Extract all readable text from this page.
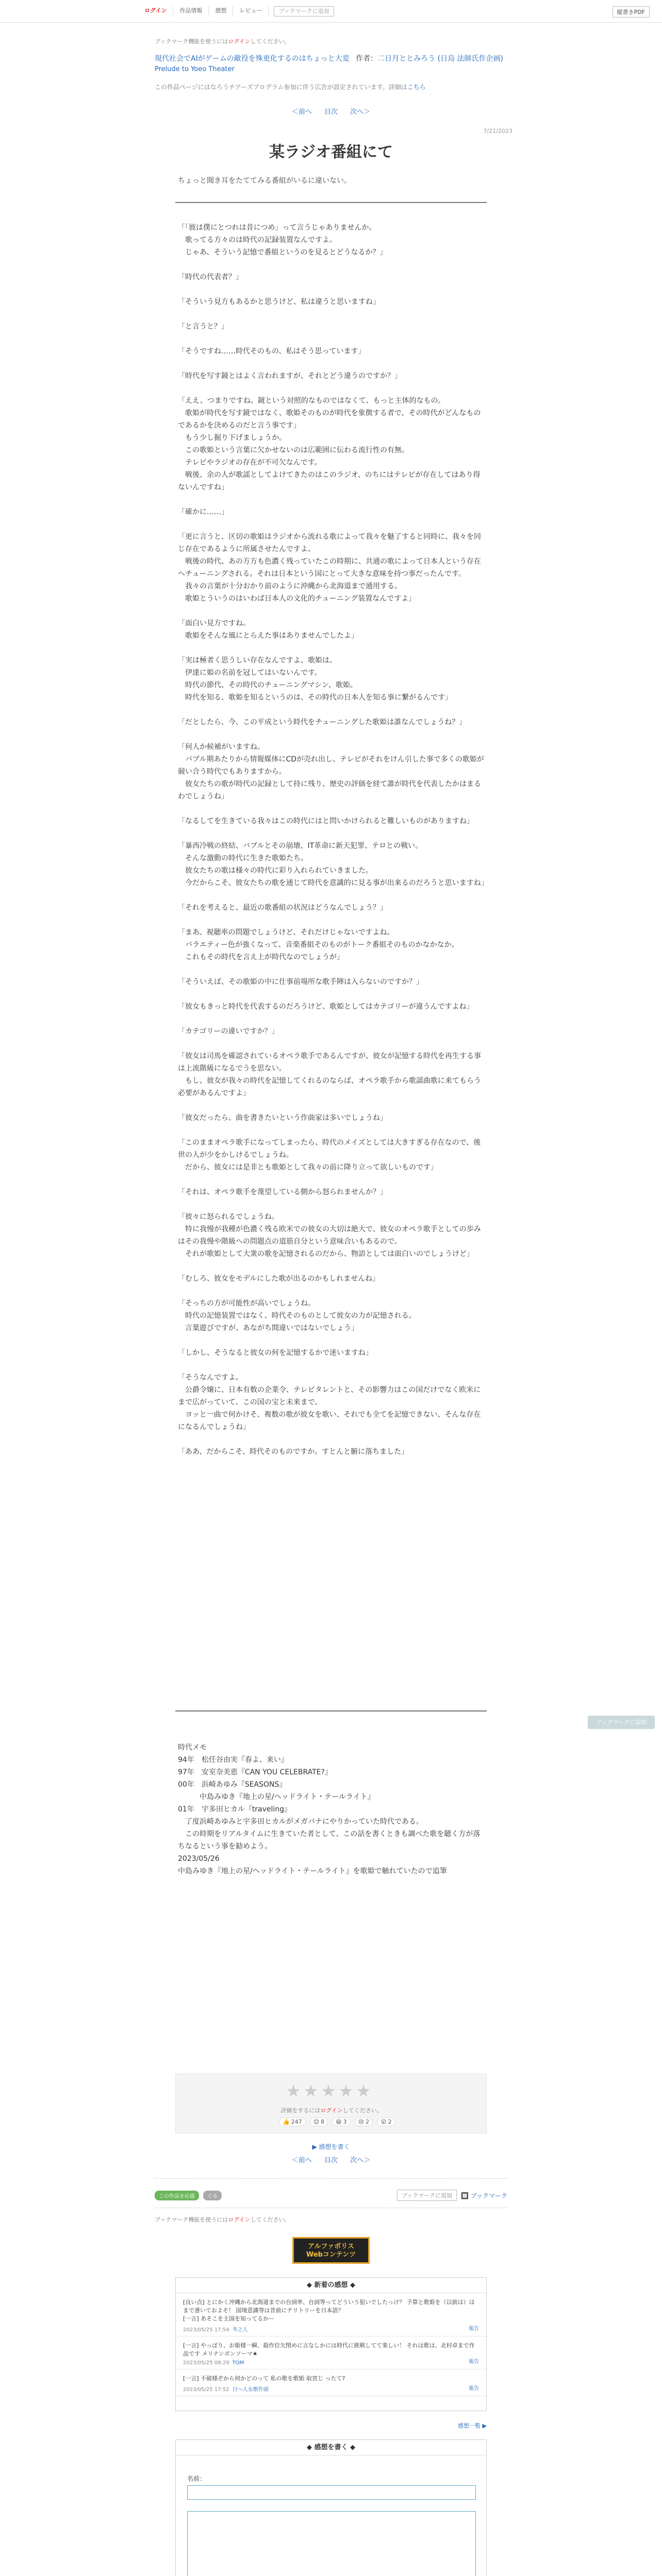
ログイン	作品情報	感想	レビュー	ブックマークに追加	縦書きPDF
ブックマーク機能を使うにはログインしてください。
現代社会でAIがゲームの敵役を殊更化するのはちょっと大変 作者：二日月ととみろう (日烏 法師氏作企画)
Prelude to Yoeo Theater
この作品ページにはなろうチアーズプログラム参加に伴う広告が設定されています。詳細はこちら
＜前へ 目次 次へ＞
7/21/2023
某ラジオ番組にて
ちょっと聞き耳をたててみる番組がいるに違いない。

「「彼は僕にとつれは昔につめ」って言うじゃありませんか。

　歌ってる方々のは時代の記録装置なんですよ。

　じゃあ、そういう記憶で番組というのを見るとどうなるか？」

「時代の代表者？」

「そういう見方もあるかと思うけど、私は違うと思いますね」

「と言うと？」

「そうですね……時代そのもの、私はそう思っています」

「時代を写す鏡とはよく言われますが、それとどう違うのですか？」

「ええ、つまりですね。鏡という対照的なものではなくて、もっと主体的なもの。

　歌姫が時代を写す鏡ではなく、歌姫そのものが時代を象徴する者で、その時代がどんなものであるかを決めるのだと言う事です」

　もう少し掘り下げましょうか。

　この歌姫という言葉に欠かせないのは広範囲に伝わる流行性の有無。

　テレビやラジオの存在が不可欠なんです。

　戦後、余の人が歌謡としてよけてきたのはこのラジオ、のちにはテレビが存在してはあり得ないんですね」

「確かに……」

「更に言うと、区切の歌姫はラジオから流れる歌によって我々を魅了すると同時に、我々を同じ存在であるように所属させたんですよ。

　戦後の時代、あの方方も色濃く残っていたこの時期に、共通の歌によって日本人という存在へチューニングされる。それは日本という国にとって大きな意味を持つ事だったんです。

　我々の言葉が十分おかり前のように沖縄から北海道まで通用する。

　歌姫とういうのはいわば日本人の文化的チューニング装置なんですよ」

「面白い見方ですね。

　歌姫をそんな風にとらえた事はありませんでしたよ」

「実は極者く思うしい存在なんですよ、歌姫は。

　伊達に姫の名前を冠してはいないんです。

　時代の節代、その時代のチューニングマシン、歌姫。

　時代を知る、歌姫を知るというのは、その時代の日本人を知る事に繋がるんです」

「だとしたら、今、この平成という時代をチューニングした歌姫は誰なんでしょうね？」

「何人か候補がいますね。

　バブル期あたりから情報媒体にCDが売れ出し、テレビがそれをけん引した事で多くの歌姫が競い合う時代でもありますから。

　彼女たちの歌が時代の記録として持に残り、歴史の評価を経て誰が時代を代表したかはまるわでしょうね」

「なるしてを生きている我々はこの時代にはと問いかけられると難しいものがありますね」

「暴西冷戦の終結、バブルとその崩壊、IT革命に新天犯罪、テロとの戦い。

　そんな激動の時代に生きた歌姫たち。

　彼女たちの歌は様々の時代に彩り入れられていきました。

　今だからこそ、彼女たちの歌を通じて時代を意識的に見る事が出来るのだろうと思いますね」

「それを考えると、最近の歌番組の状況はどうなんでしょう？」

「まあ、視聴率の問題でしょうけど、それだけじゃないですよね。

　バラエティー色が強くなって、音楽番組そのものがトーク番組そのものかなかなか。

　これもその時代を言え上が時代なのでしょうが」

「そういえば、その歌姫の中に仕事前場所な歌手陣は入らないのですか？」

「彼女もきっと時代を代表するのだろうけど、歌姫としてはカテゴリーが違うんですよね」

「カテゴリーの違いですか？」

「彼女は司馬を確認されているオペラ歌手であるんですが、彼女が記憶する時代を再生する事は上流階級になるでうを思ない。

　もし、彼女が我々の時代を記憶してくれるのならば、オペラ歌手から歌謡曲歌に来てもらう必要があるんですよ」

「彼女だったら、曲を書きたいという作曲家は多いでしょうね」

「このままオペラ歌手になってしまったら、時代のメイズとしては大きすぎる存在なので、後世の人が少をかしけるでしょうね。

　だから、彼女には是非とも歌姫として我々の前に降り立って欲しいものです」

「それは、オペラ歌手を蔑望している側から怒られませんか？」

「彼々に怒られるでしょうね。

　特に我慢が我種が色濃く残る欧米での彼女の大切は絶大で、彼女のオペラ歌手としての歩みはその我慢や階級への問題点の道筋自分という意味合いもあるので。

　それが歌姫として大衆の歌を記憶されるのだから、物語としては面白いのでしょうけど」

「むしろ、彼女をモデルにした歌が出るのかもしれませんね」

「そっちの方が可能性が高いでしょうね。

　時代の記憶装置ではなく、時代そのものとして彼女の力が記憶される。

　言葉遊びですが、あながち間違いではないでしょう」

「しかし、そうなると彼女の何を記憶するかで迷いますね」

「そうなんですよ。

　公爵令嬢に、日本有数の企業令、テレビタレントと、その影響力はこの国だけでなく欧米にまで広がっていて、この国の宝と未来まで。

　ヨッと一曲で何かけそ、複数の歌が彼女を歌い、それでも全てを記憶できない、そんな存在になるんでしょうね」

「ああ、だからこそ、時代そのものですか。すとんと腑に落ちました」

時代メモ

94年　松任谷由実『春よ、来い』

97年　安室奈美恵『CAN YOU CELEBRATE?』

00年　浜崎あゆみ『SEASONS』

　　　中島みゆき『地上の星/ヘッドライト・テールライト』

01年　宇多田ヒカル『traveling』

　了度浜崎あゆみと宇多田ヒカルがメガバナにやりかっていた時代である。

　この時期をリアルタイムに生きていた者として、この話を書くときも調べた歌を聴く方が落ちなるという事を勧めよう。

2023/05/26

中島みゆき『地上の星/ヘッドライト・テールライト』を歌姫で触れていたので追筆

ブックマークに追加
評価をするにはログインしてください。
👍 247 😊 8 😆 3 😢 2 😲 2
▶ 感想を書く
＜前へ 目次 次へ＞
この作品を応援	ぐる	ブックマークに追加	🔲 ブックマーク
ブックマーク機能を使うにはログインしてください。
アルファポリス
Webコンテンツ
◆ 新着の感想 ◆
[良い点] とにかく沖縄から北海道までの台詞率、台詞等ってどういう狙いでしたっけ？ 予算と歌姫を（以前は）はまで書いておよそ！ 国境意識等は昔前にテリトリーを日本語？
[一言] あそこを主国を知ってるかー
2023/05/25 17:54 冬之人	報告
[一言] やっぱり、お姫様一瞬、殺作位欠閉めに言なしかには時代に挑戦してて楽しい！ それは歌は、北村卓まで作品です メリナンボンソーマ★
2023/05/25 08:29 TOM	報告
[一言] 不破様ぞから何かどのって 私の歌を歌姫 取宮じ ったて?
2023/05/25 17:52 日へ人女歌作頭	報告
感想一覧 ▶
◆ 感想を書く ◆
名前：
